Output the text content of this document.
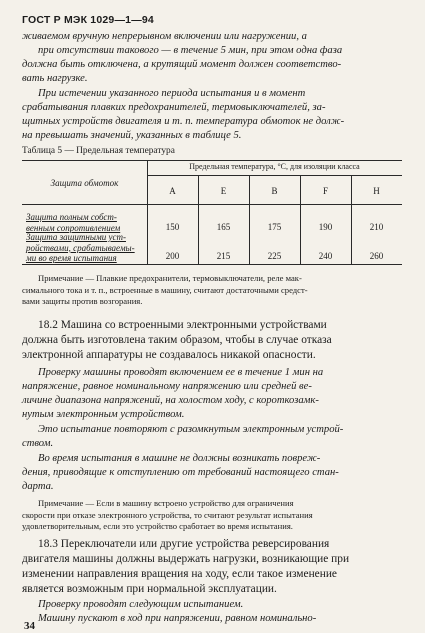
ГОСТ Р МЭК 1029—1—94
живаемом вручную непрерывном включении или нагружении, а
при отсутствии такового — в течение 5 мин, при этом одна фаза
должна быть отключена, а крутящий момент должен соответство-
вать нагрузке.
При истечении указанного периода испытания и в момент
срабатывания плавких предохранителей, термовыключателей, за-
щитных устройств двигателя и т. п. температура обмоток не долж-
на превышать значений, указанных в таблице 5.
Таблица 5 — Предельная температура
Защита обмоток
Предельная температура, °С, для изоляции класса
А	Е	В	F	Н
Защита полным собст-
венным сопротивлением	150	165	175	190	210
Защита защитными уст-
ройствами, срабатываемы-
ми во время испытания	200	215	225	240	260
Примечание — Плавкие предохранители, термовыключатели, реле мак-
симального тока и т. п., встроенные в машину, считают достаточными средст-
вами защиты против возгорания.
18.2 Машина со встроенными электронными устройствами
должна быть изготовлена таким образом, чтобы в случае отказа
электронной аппаратуры не создавалось никакой опасности.
Проверку машины проводят включением ее в течение 1 мин на
напряжение, равное номинальному напряжению или средней ве-
личине диапазона напряжений, на холостом ходу, с короткозамк-
нутым электронным устройством.
Это испытание повторяют с разомкнутым электронным устрой-
ством.
Во время испытания в машине не должны возникать повреж-
дения, приводящие к отступлению от требований настоящего стан-
дарта.
Примечание — Если в машину встроено устройство для ограничения
скорости при отказе электронного устройства, то считают результат испытания
удовлетворительным, если это устройство сработает во время испытания.
18.3 Переключатели или другие устройства реверсирования
двигателя машины должны выдержать нагрузки, возникающие при
изменении направления вращения на ходу, если такое изменение
является возможным при нормальной эксплуатации.
Проверку проводят следующим испытанием.
Машину пускают в ход при напряжении, равном номинально-
34
